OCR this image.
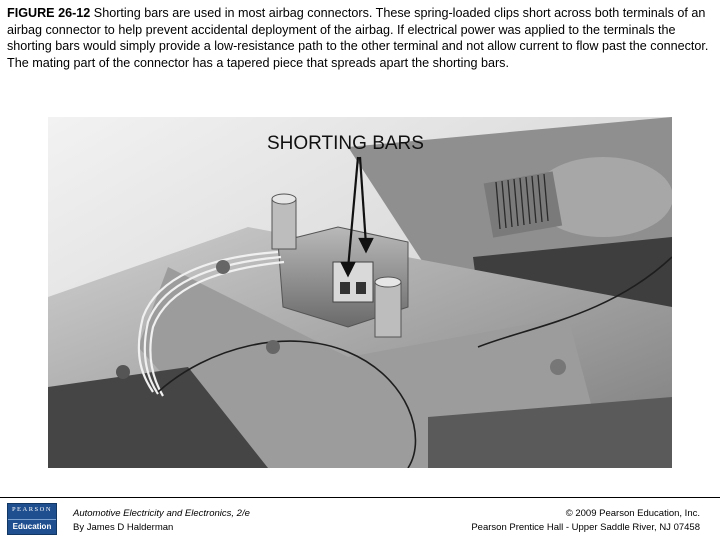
FIGURE 26-12 Shorting bars are used in most airbag connectors. These spring-loaded clips short across both terminals of an airbag connector to help prevent accidental deployment of the airbag. If electrical power was applied to the terminals the shorting bars would simply provide a low-resistance path to the other terminal and not allow current to flow past the connector. The mating part of the connector has a tapered piece that spreads apart the shorting bars.

SHORTING BARS
PEARSON
Education
Automotive Electricity and Electronics, 2/e
By James D Halderman
© 2009 Pearson Education, Inc.
Pearson Prentice Hall - Upper Saddle River, NJ 07458
